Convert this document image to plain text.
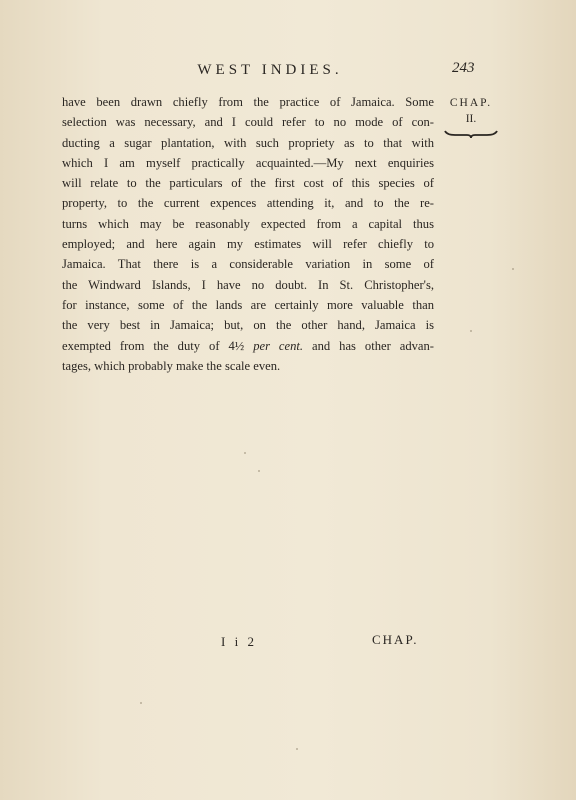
WEST INDIES.	243
CHAP.
II.
have been drawn chiefly from the practice of Jamaica. Some
selection was necessary, and I could refer to no mode of con-
ducting a sugar plantation, with such propriety as to that with
which I am myself practically acquainted.—My next enquiries
will relate to the particulars of the first cost of this species of
property, to the current expences attending it, and to the re-
turns which may be reasonably expected from a capital thus
employed; and here again my estimates will refer chiefly to
Jamaica. That there is a considerable variation in some of
the Windward Islands, I have no doubt. In St. Christopher's,
for instance, some of the lands are certainly more valuable than
the very best in Jamaica; but, on the other hand, Jamaica is
exempted from the duty of 4½ per cent. and has other advan-
tages, which probably make the scale even.
I i 2	CHAP.
